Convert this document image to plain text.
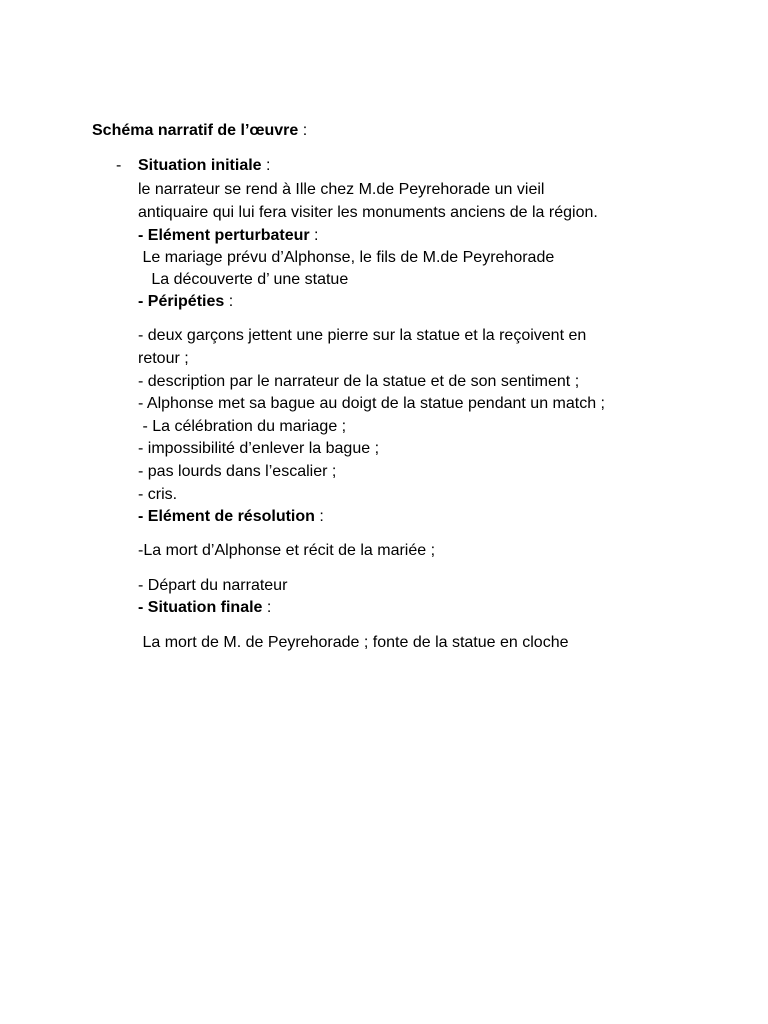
Schéma narratif de l’œuvre :
- Situation initiale :
le narrateur se rend à Ille chez M.de Peyrehorade un vieil
antiquaire qui lui fera visiter les monuments anciens de la région.
- Elément perturbateur :
Le mariage prévu d’Alphonse, le fils de M.de Peyrehorade
La découverte d’ une statue
- Péripéties :
- deux garçons jettent une pierre sur la statue et la reçoivent en
retour ;
- description par le narrateur de la statue et de son sentiment ;
- Alphonse met sa bague au doigt de la statue pendant un match ;
- La célébration du mariage ;
- impossibilité d’enlever la bague ;
- pas lourds dans l’escalier ;
- cris.
- Elément de résolution :
-La mort d’Alphonse et récit de la mariée ;
- Départ du narrateur
- Situation finale :
La mort de M. de Peyrehorade ; fonte de la statue en cloche
